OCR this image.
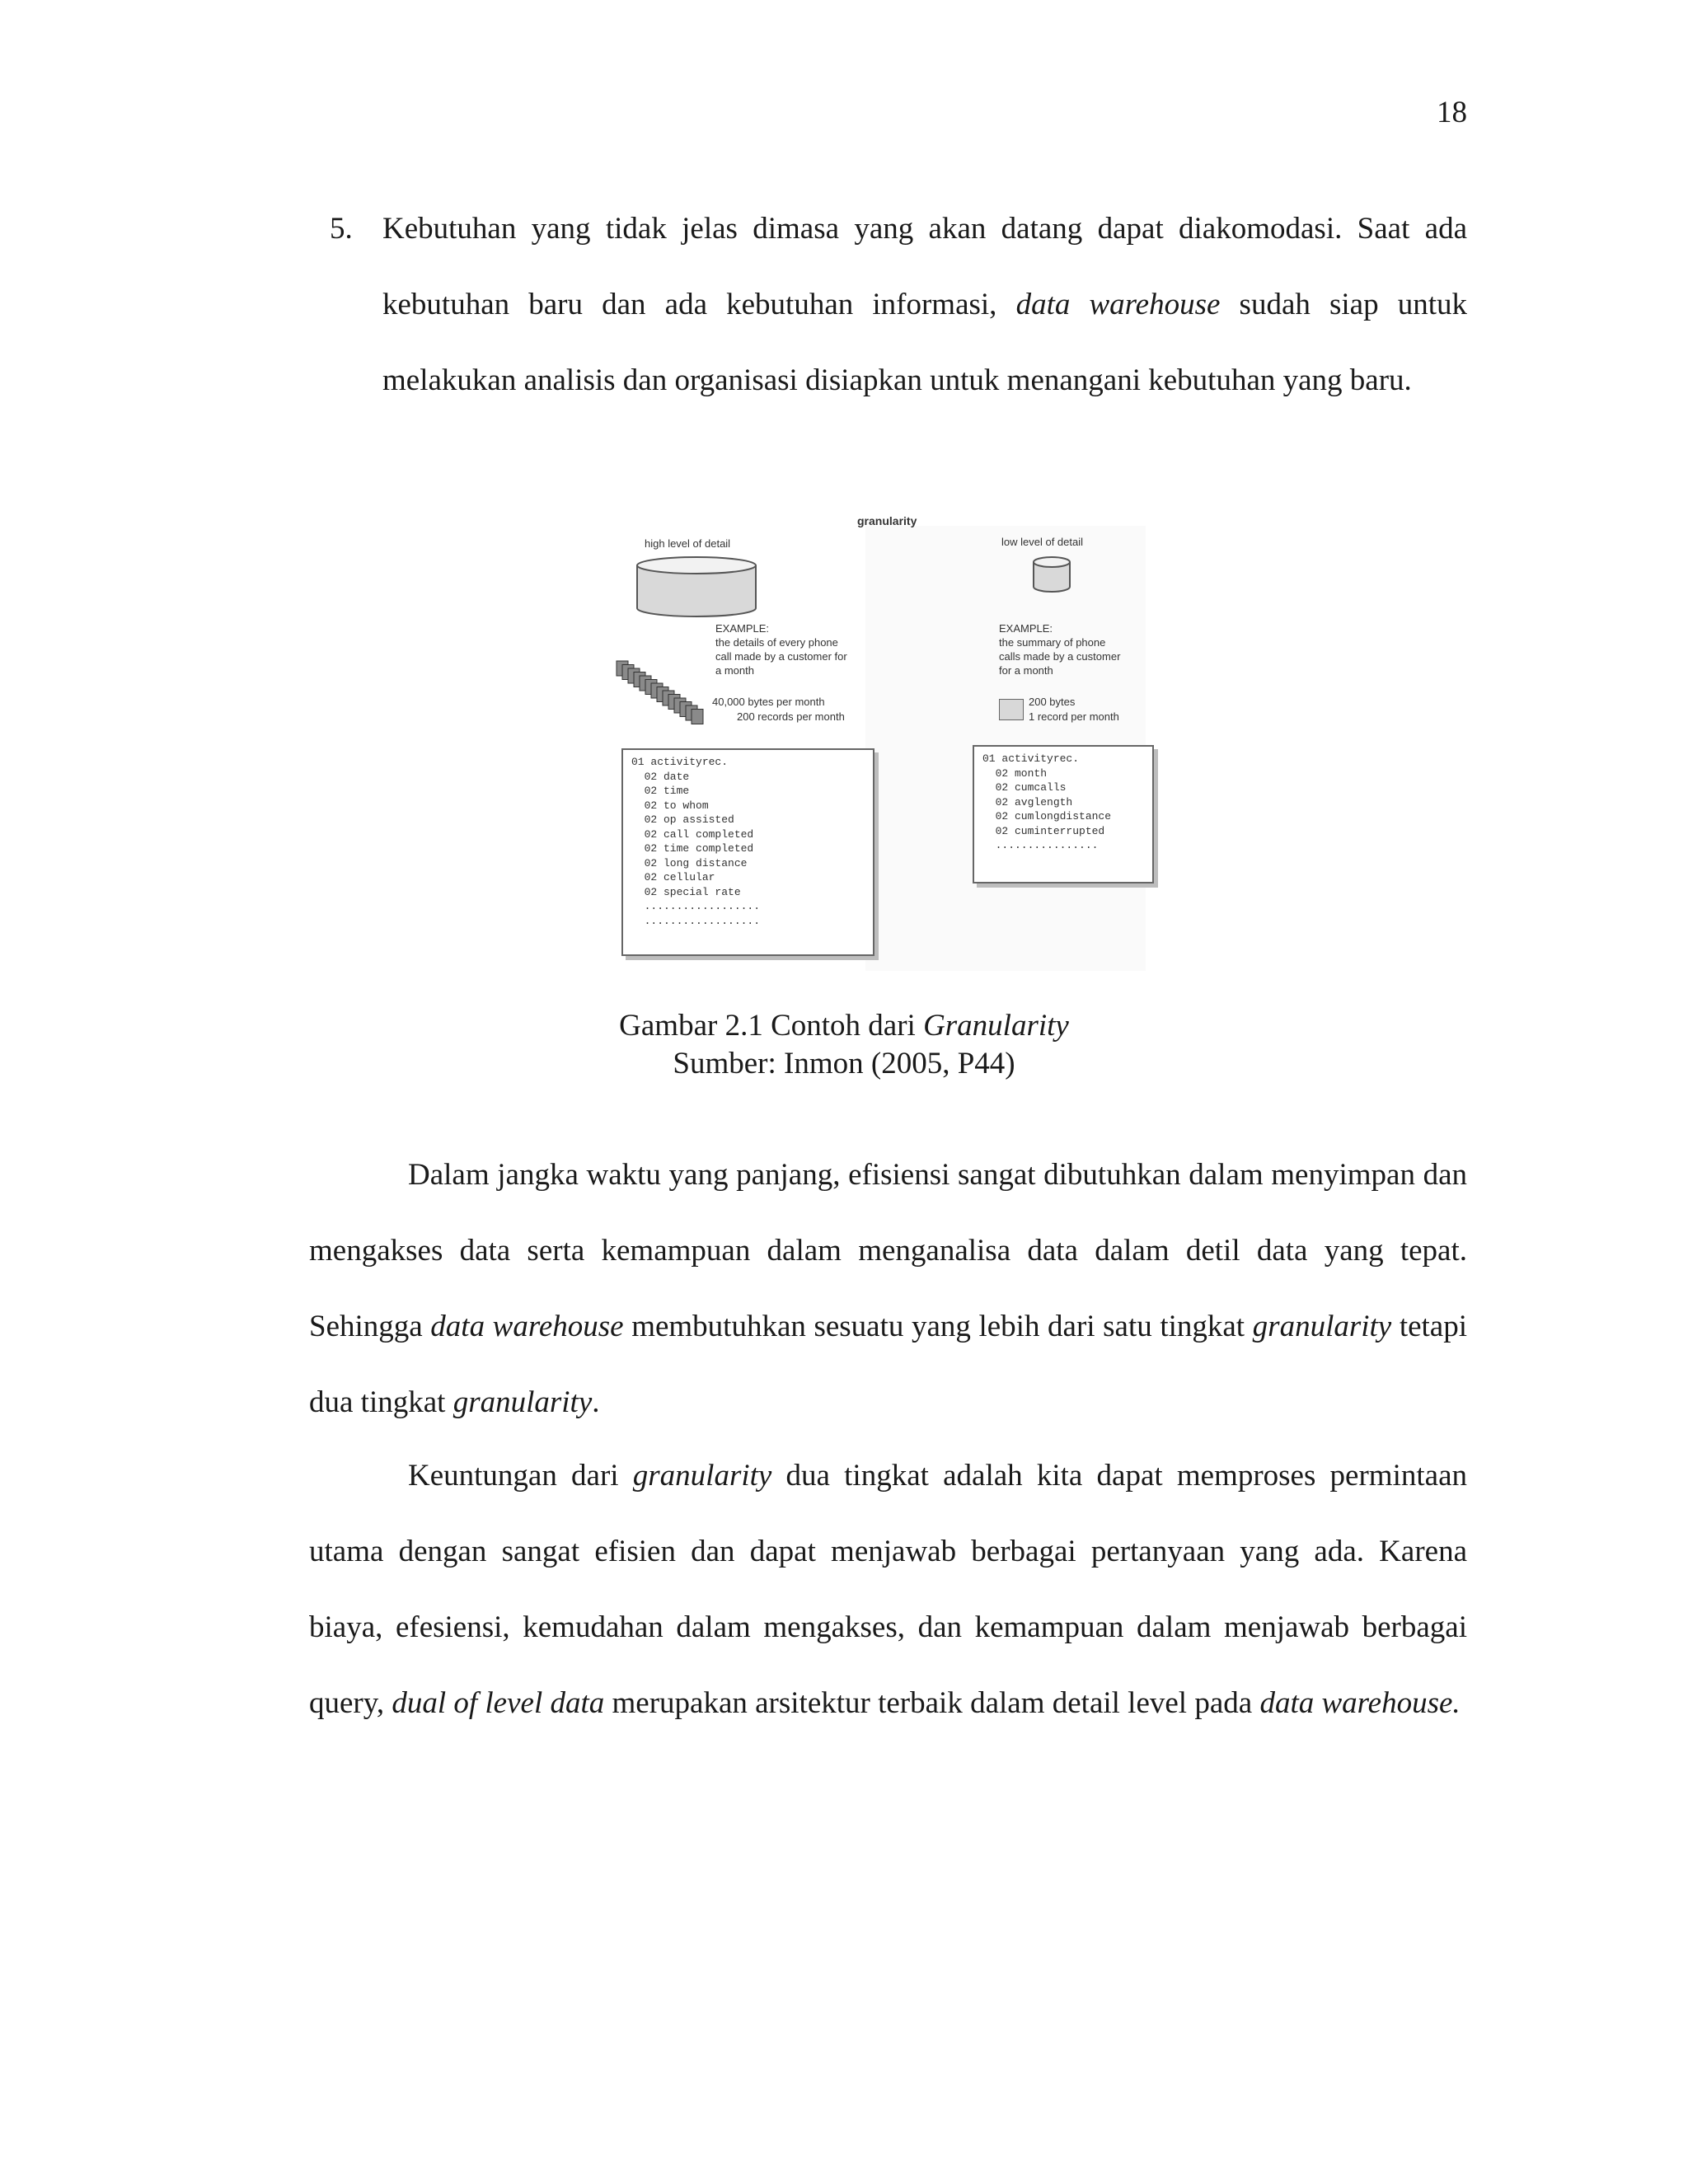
18
5. Kebutuhan yang tidak jelas dimasa yang akan datang dapat diakomodasi. Saat ada kebutuhan baru dan ada kebutuhan informasi, data warehouse sudah siap untuk melakukan analisis dan organisasi disiapkan untuk menangani kebutuhan yang baru.
granularity
high level of detail
EXAMPLE:
the details of every phone
call made by a customer for
a month
40,000 bytes per month
200 records per month
01 activityrec.
02 date
02 time
02 to whom
02 op assisted
02 call completed
02 time completed
02 long distance
02 cellular
02 special rate
..................
..................
low level of detail
EXAMPLE:
the summary of phone
calls made by a customer
for a month
200 bytes
1 record per month
01 activityrec.
02 month
02 cumcalls
02 avglength
02 cumlongdistance
02 cuminterrupted
................
Gambar 2.1 Contoh dari Granularity
Sumber: Inmon (2005, P44)

Dalam jangka waktu yang panjang, efisiensi sangat dibutuhkan dalam menyimpan dan mengakses data serta kemampuan dalam menganalisa data dalam detil data yang tepat. Sehingga data warehouse membutuhkan sesuatu yang lebih dari satu tingkat granularity tetapi dua tingkat granularity.

Keuntungan dari granularity dua tingkat adalah kita dapat memproses permintaan utama dengan sangat efisien dan dapat menjawab berbagai pertanyaan yang ada. Karena biaya, efesiensi, kemudahan dalam mengakses, dan kemampuan dalam menjawab berbagai query, dual of level data merupakan arsitektur terbaik dalam detail level pada data warehouse.
